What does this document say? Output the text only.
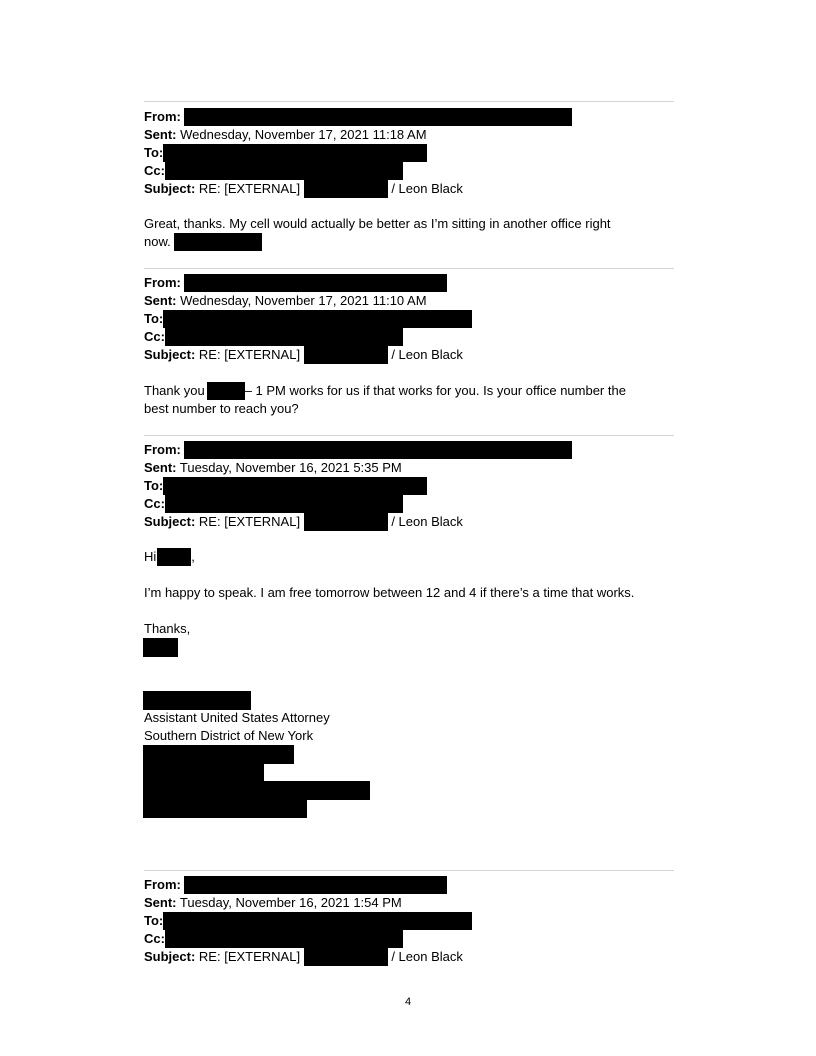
From:
Sent: Wednesday, November 17, 2021 11:18 AM
To:
Cc:
Subject: RE: [EXTERNAL]	/ Leon Black
Great, thanks. My cell would actually be better as I’m sitting in another office right
now.
From:
Sent: Wednesday, November 17, 2021 11:10 AM
To:
Cc:
Subject: RE: [EXTERNAL]	/ Leon Black
Thank you	– 1 PM works for us if that works for you. Is your office number the
best number to reach you?
From:
Sent: Tuesday, November 16, 2021 5:35 PM
To:
Cc:
Subject: RE: [EXTERNAL]	/ Leon Black
Hi	,
I’m happy to speak. I am free tomorrow between 12 and 4 if there’s a time that works.
Thanks,
Assistant United States Attorney
Southern District of New York
From:
Sent: Tuesday, November 16, 2021 1:54 PM
To:
Cc:
Subject: RE: [EXTERNAL]	/ Leon Black
4
